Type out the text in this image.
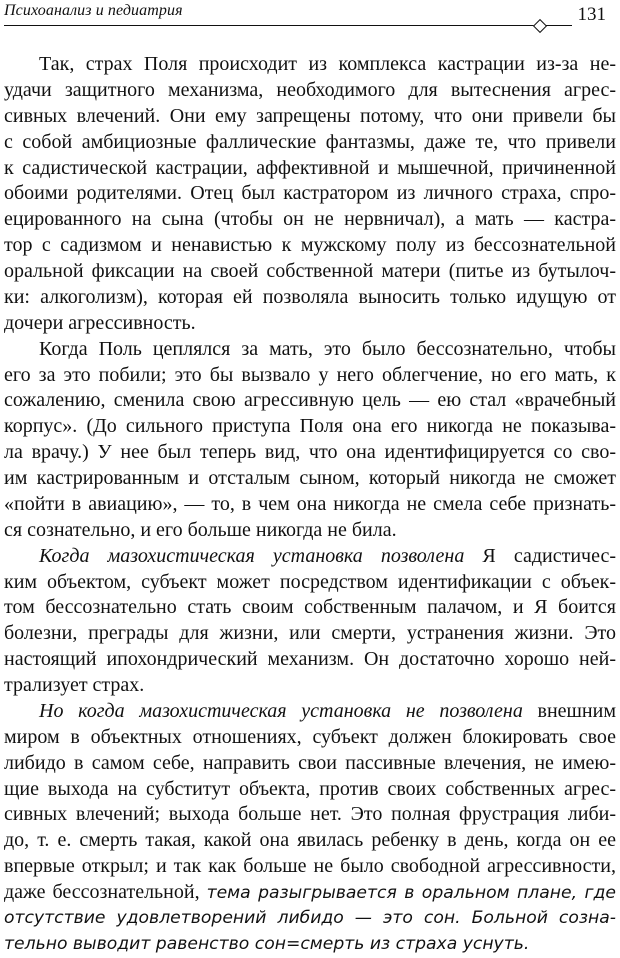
Психоанализ и педиатрия	131
Так, страх Поля происходит из комплекса кастрации из-за не-
удачи защитного механизма, необходимого для вытеснения агрес-
сивных влечений. Они ему запрещены потому, что они привели бы
с собой амбициозные фаллические фантазмы, даже те, что привели
к садистической кастрации, аффективной и мышечной, причиненной
обоими родителями. Отец был кастратором из личного страха, спро-
ецированного на сына (чтобы он не нервничал), а мать — кастра-
тор с садизмом и ненавистью к мужскому полу из бессознательной
оральной фиксации на своей собственной матери (питье из бутылоч-
ки: алкоголизм), которая ей позволяла выносить только идущую от
дочери агрессивность.
Когда Поль цеплялся за мать, это было бессознательно, чтобы
его за это побили; это бы вызвало у него облегчение, но его мать, к
сожалению, сменила свою агрессивную цель — ею стал «врачебный
корпус». (До сильного приступа Поля она его никогда не показыва-
ла врачу.) У нее был теперь вид, что она идентифицируется со сво-
им кастрированным и отсталым сыном, который никогда не сможет
«пойти в авиацию», — то, в чем она никогда не смела себе признать-
ся сознательно, и его больше никогда не била.
Когда мазохистическая установка позволена Я садистичес-
ким объектом, субъект может посредством идентификации с объек-
том бессознательно стать своим собственным палачом, и Я боится
болезни, преграды для жизни, или смерти, устранения жизни. Это
настоящий ипохондрический механизм. Он достаточно хорошо ней-
трализует страх.
Но когда мазохистическая установка не позволена внешним
миром в объектных отношениях, субъект должен блокировать свое
либидо в самом себе, направить свои пассивные влечения, не имею-
щие выхода на субститут объекта, против своих собственных агрес-
сивных влечений; выхода больше нет. Это полная фрустрация либи-
до, т. е. смерть такая, какой она явилась ребенку в день, когда он ее
впервые открыл; и так как больше не было свободной агрессивности,
даже бессознательной, тема разыгрывается в оральном плане, где
отсутствие удовлетворений либидо — это сон. Больной созна-
тельно выводит равенство сон=смерть из страха уснуть.
